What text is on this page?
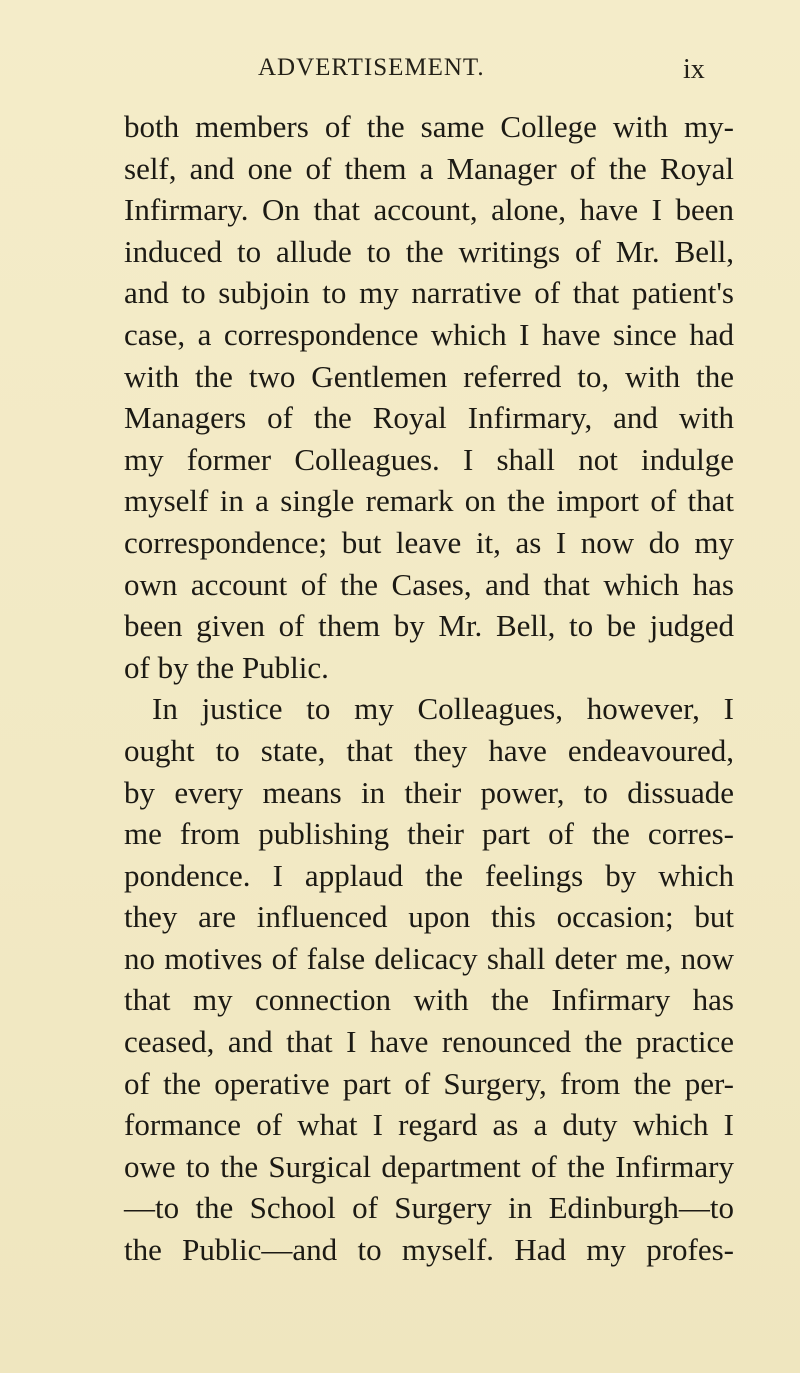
ADVERTISEMENT.	ix
both members of the same College with my-
self, and one of them a Manager of the Royal
Infirmary. On that account, alone, have I been
induced to allude to the writings of Mr. Bell,
and to subjoin to my narrative of that patient's
case, a correspondence which I have since had
with the two Gentlemen referred to, with the
Managers of the Royal Infirmary, and with
my former Colleagues. I shall not indulge
myself in a single remark on the import of that
correspondence; but leave it, as I now do my
own account of the Cases, and that which has
been given of them by Mr. Bell, to be judged
of by the Public.
In justice to my Colleagues, however, I
ought to state, that they have endeavoured,
by every means in their power, to dissuade
me from publishing their part of the corres-
pondence. I applaud the feelings by which
they are influenced upon this occasion; but
no motives of false delicacy shall deter me, now
that my connection with the Infirmary has
ceased, and that I have renounced the practice
of the operative part of Surgery, from the per-
formance of what I regard as a duty which I
owe to the Surgical department of the Infirmary
—to the School of Surgery in Edinburgh—to
the Public—and to myself. Had my profes-
